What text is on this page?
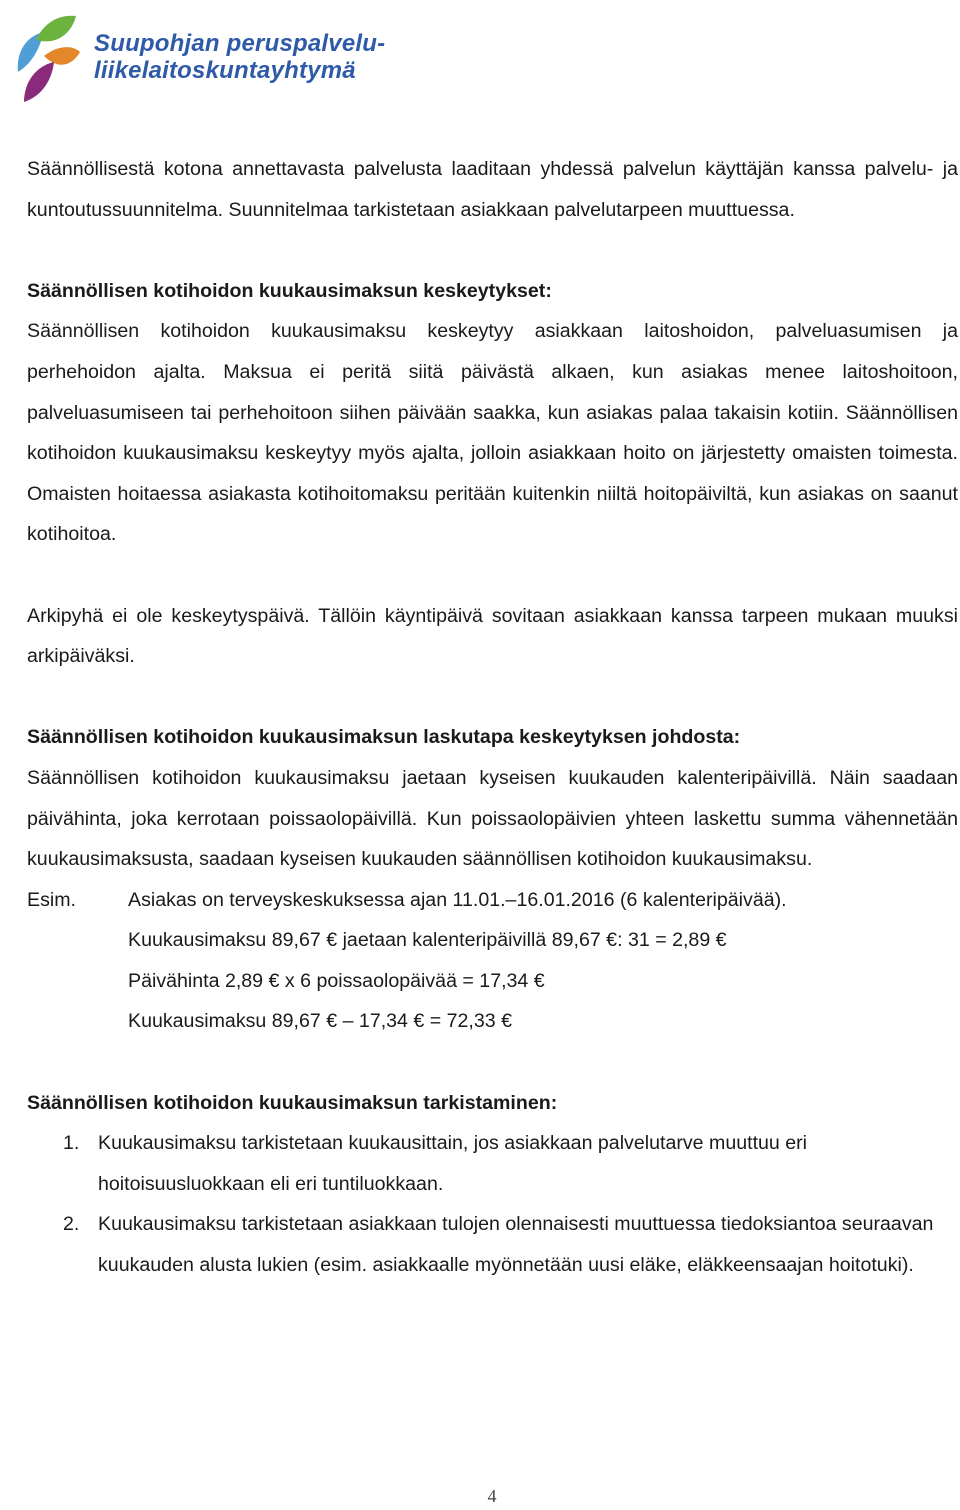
Suupohjan peruspalvelu-
liikelaitoskuntayhtymä

Säännöllisestä kotona annettavasta palvelusta laaditaan yhdessä palvelun käyttäjän kanssa palvelu- ja kuntoutussuunnitelma. Suunnitelmaa tarkistetaan asiakkaan palvelutarpeen muuttuessa.

Säännöllisen kotihoidon kuukausimaksun keskeytykset:

Säännöllisen kotihoidon kuukausimaksu keskeytyy asiakkaan laitoshoidon, palveluasumisen ja perhehoidon ajalta. Maksua ei peritä siitä päivästä alkaen, kun asiakas menee laitoshoitoon, palveluasumiseen tai perhehoitoon siihen päivään saakka, kun asiakas palaa takaisin kotiin. Säännöllisen kotihoidon kuukausimaksu keskeytyy myös ajalta, jolloin asiakkaan hoito on järjestetty omaisten toimesta. Omaisten hoitaessa asiakasta kotihoitomaksu peritään kuitenkin niiltä hoitopäiviltä, kun asiakas on saanut kotihoitoa.

Arkipyhä ei ole keskeytyspäivä. Tällöin käyntipäivä sovitaan asiakkaan kanssa tarpeen mukaan muuksi arkipäiväksi.

Säännöllisen kotihoidon kuukausimaksun laskutapa keskeytyksen johdosta:

Säännöllisen kotihoidon kuukausimaksu jaetaan kyseisen kuukauden kalenteripäivillä. Näin saadaan päivähinta, joka kerrotaan poissaolopäivillä. Kun poissaolopäivien yhteen laskettu summa vähennetään kuukausimaksusta, saadaan kyseisen kuukauden säännöllisen kotihoidon kuukausimaksu.

Esim.	Asiakas on terveyskeskuksessa ajan 11.01.–16.01.2016 (6 kalenteripäivää).
Kuukausimaksu 89,67 € jaetaan kalenteripäivillä 89,67 €: 31 = 2,89 €
Päivähinta 2,89 € x 6 poissaolopäivää = 17,34 €
Kuukausimaksu 89,67 € – 17,34 € = 72,33 €

Säännöllisen kotihoidon kuukausimaksun tarkistaminen:

1. Kuukausimaksu tarkistetaan kuukausittain, jos asiakkaan palvelutarve muuttuu eri hoitoisuusluokkaan eli eri tuntiluokkaan.
2. Kuukausimaksu tarkistetaan asiakkaan tulojen olennaisesti muuttuessa tiedoksiantoa seuraavan kuukauden alusta lukien (esim. asiakkaalle myönnetään uusi eläke, eläkkeensaajan hoitotuki).
4
